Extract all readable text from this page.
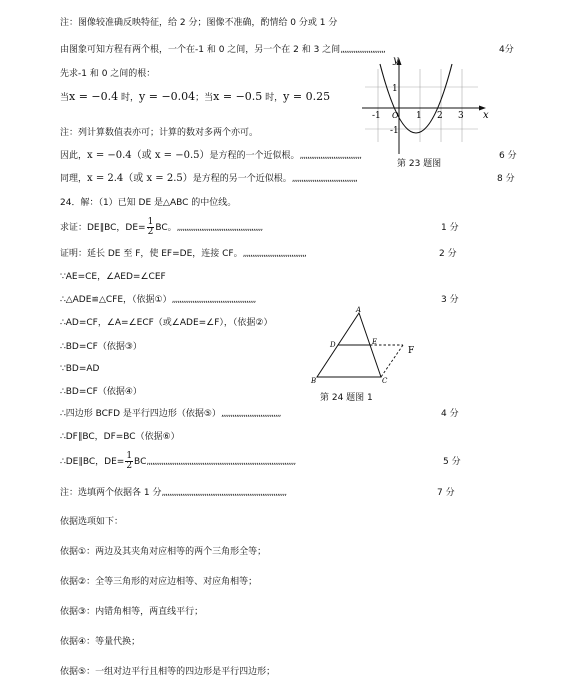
注：图像较准确反映特征，给 2 分；图像不准确，酌情给 0 分或 1 分
由图象可知方程有两个根，一个在-1 和 0 之间，另一个在 2 和 3 之间,,,,,,,,,,,,,,,,,,,,,,,,	4分
先求-1 和 0 之间的根：
当x = −0.4 时，y = −0.04；当x = −0.5 时，y = 0.25
注：列计算数值表亦可；计算的数对多两个亦可。
因此，x = −0.4（或 x = −0.5）是方程的一个近似根。,,,,,,,,,,,,,,,,,,,,,,,,,,,,,,,,,	6 分
同理，x = 2.4（或 x = 2.5）是方程的另一个近似根。,,,,,,,,,,,,,,,,,,,,,,,,,,,,,,,,,,,	8 分
x
y
-1 O 1 2 3
1
-1
第 23 题图
24．解：（1）已知 DE 是△ABC 的中位线。
求证：DE∥BC，$DE= \frac{1}{2}$ BC。,,,,,,,,,,,,,,,,,,,,,,,,,,,,,,,,,,,,,,,,,,,,,,	1 分
证明：延长 DE 至 F，使 EF=DE，连接 CF。,,,,,,,,,,,,,,,,,,,,,,,,,,,,,,,,,,	2 分
∵AE=CE，∠AED=∠CEF
∴△ADE≌△CFE，（依据①）,,,,,,,,,,,,,,,,,,,,,,,,,,,,,,,,,,,,,,,,,,,,,	3 分
∴AD=CF，∠A=∠ECF（或∠ADE=∠F），（依据②）
∴BD=CF（依据③）
∵BD=AD
∴BD=CF（依据④）
∴四边形 BCFD 是平行四边形（依据⑤）,,,,,,,,,,,,,,,,,,,,,,,,,,,,,,,,	4 分
∴DF∥BC，DF=BC（依据⑥）
∴DE∥BC，$DE= \frac{1}{2}$ BC,,,,,,,,,,,,,,,,,,,,,,,,,,,,,,,,,,,,,,,,,,,,,,,,,,,,,,,,,,,,,,,,,,,,,,,,,,,,,,,,	5 分
注：选填两个依据各 1 分,,,,,,,,,,,,,,,,,,,,,,,,,,,,,,,,,,,,,,,,,,,,,,,,,,,,,,,,,,,,,,,,,,,	7 分
A
D	E
F
B	C
第 24 题图 1
依据选项如下：
依据①：两边及其夹角对应相等的两个三角形全等；
依据②：全等三角形的对应边相等、对应角相等；
依据③：内错角相等，两直线平行；
依据④：等量代换；
依据⑤：一组对边平行且相等的四边形是平行四边形；
